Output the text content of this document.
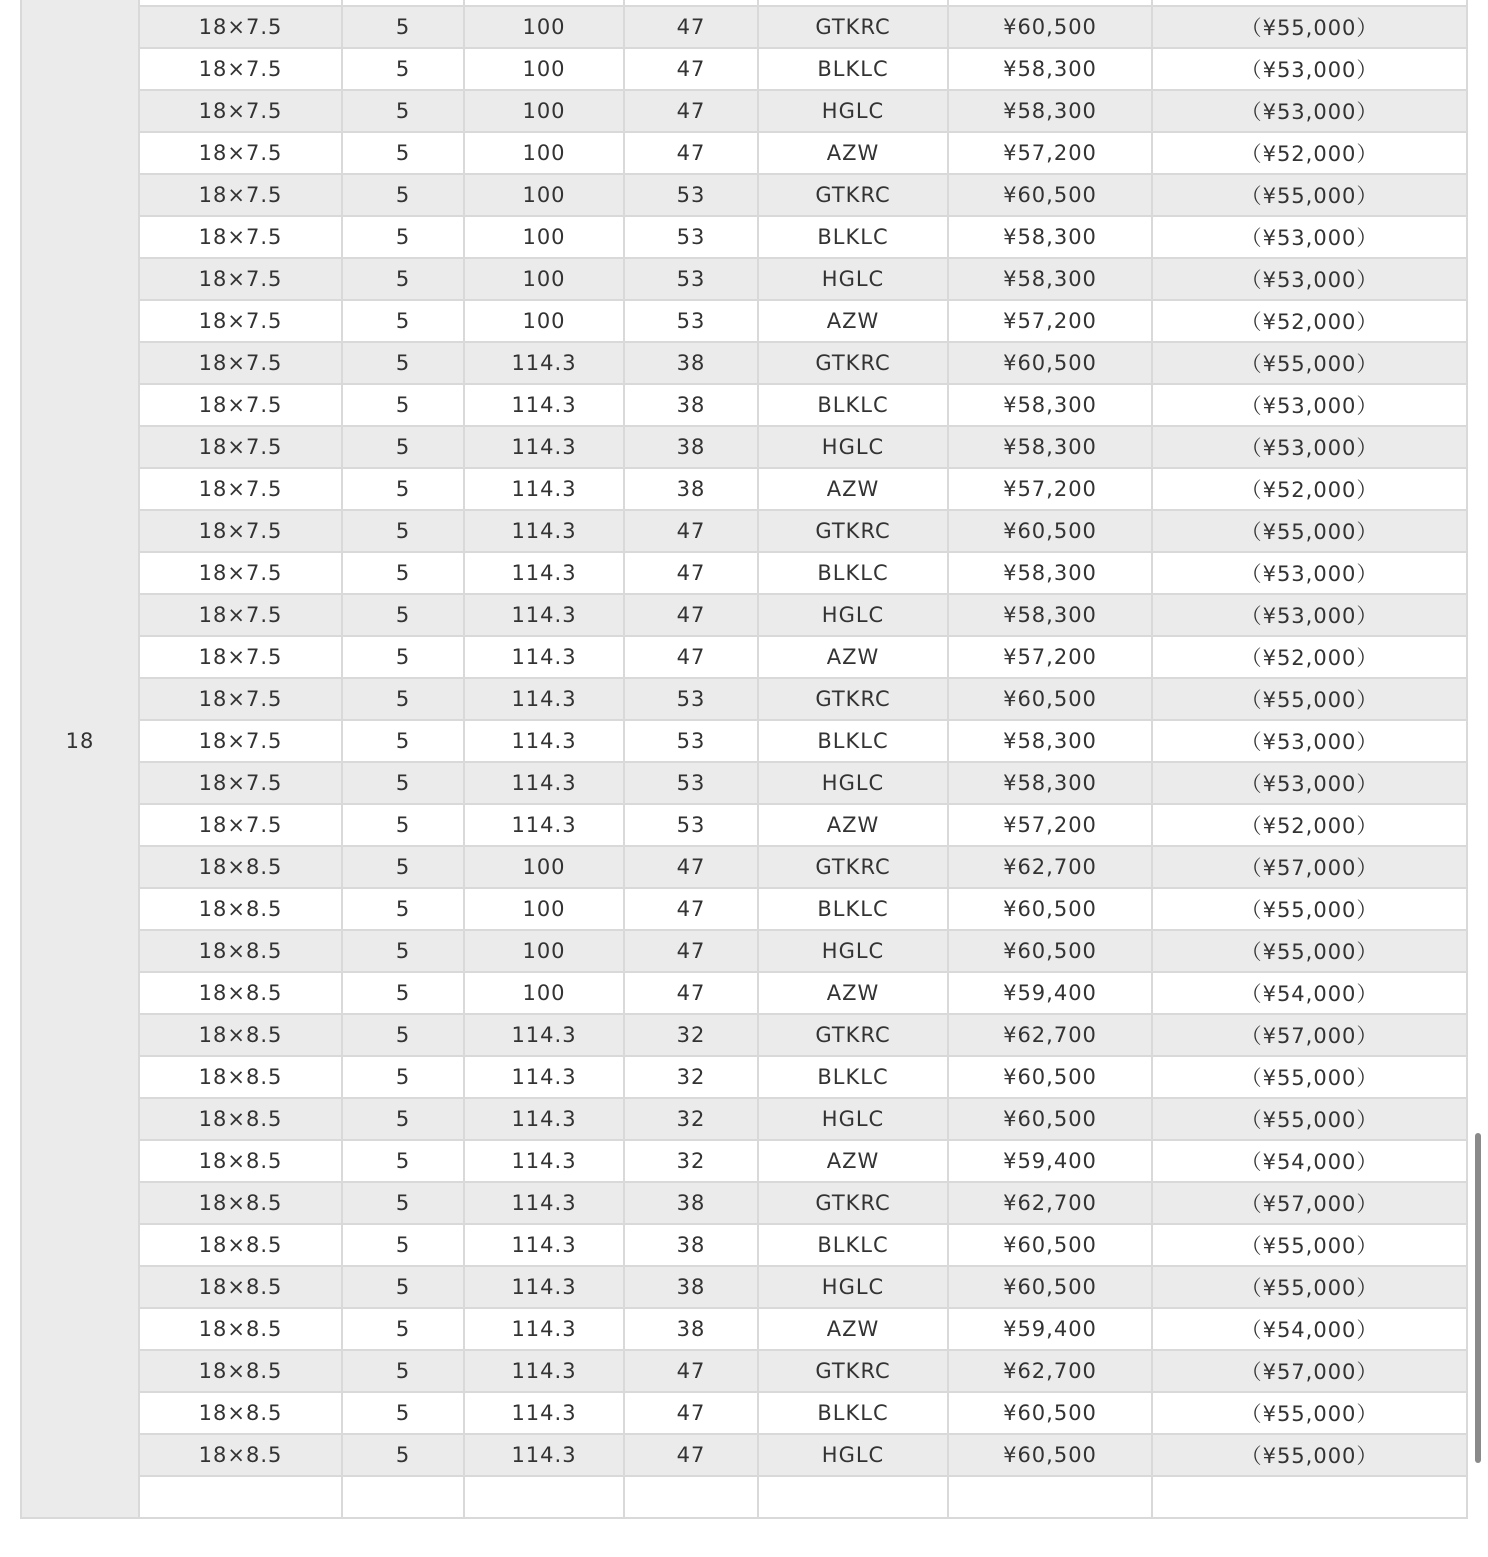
18							
	18×7.5	5	100	47	GTKRC	¥60,500	（¥55,000）
	18×7.5	5	100	47	BLKLC	¥58,300	（¥53,000）
	18×7.5	5	100	47	HGLC	¥58,300	（¥53,000）
	18×7.5	5	100	47	AZW	¥57,200	（¥52,000）
	18×7.5	5	100	53	GTKRC	¥60,500	（¥55,000）
	18×7.5	5	100	53	BLKLC	¥58,300	（¥53,000）
	18×7.5	5	100	53	HGLC	¥58,300	（¥53,000）
	18×7.5	5	100	53	AZW	¥57,200	（¥52,000）
	18×7.5	5	114.3	38	GTKRC	¥60,500	（¥55,000）
	18×7.5	5	114.3	38	BLKLC	¥58,300	（¥53,000）
	18×7.5	5	114.3	38	HGLC	¥58,300	（¥53,000）
	18×7.5	5	114.3	38	AZW	¥57,200	（¥52,000）
	18×7.5	5	114.3	47	GTKRC	¥60,500	（¥55,000）
	18×7.5	5	114.3	47	BLKLC	¥58,300	（¥53,000）
	18×7.5	5	114.3	47	HGLC	¥58,300	（¥53,000）
	18×7.5	5	114.3	47	AZW	¥57,200	（¥52,000）
	18×7.5	5	114.3	53	GTKRC	¥60,500	（¥55,000）
	18×7.5	5	114.3	53	BLKLC	¥58,300	（¥53,000）
	18×7.5	5	114.3	53	HGLC	¥58,300	（¥53,000）
	18×7.5	5	114.3	53	AZW	¥57,200	（¥52,000）
	18×8.5	5	100	47	GTKRC	¥62,700	（¥57,000）
	18×8.5	5	100	47	BLKLC	¥60,500	（¥55,000）
	18×8.5	5	100	47	HGLC	¥60,500	（¥55,000）
	18×8.5	5	100	47	AZW	¥59,400	（¥54,000）
	18×8.5	5	114.3	32	GTKRC	¥62,700	（¥57,000）
	18×8.5	5	114.3	32	BLKLC	¥60,500	（¥55,000）
	18×8.5	5	114.3	32	HGLC	¥60,500	（¥55,000）
	18×8.5	5	114.3	32	AZW	¥59,400	（¥54,000）
	18×8.5	5	114.3	38	GTKRC	¥62,700	（¥57,000）
	18×8.5	5	114.3	38	BLKLC	¥60,500	（¥55,000）
	18×8.5	5	114.3	38	HGLC	¥60,500	（¥55,000）
	18×8.5	5	114.3	38	AZW	¥59,400	（¥54,000）
	18×8.5	5	114.3	47	GTKRC	¥62,700	（¥57,000）
	18×8.5	5	114.3	47	BLKLC	¥60,500	（¥55,000）
	18×8.5	5	114.3	47	HGLC	¥60,500	（¥55,000）
